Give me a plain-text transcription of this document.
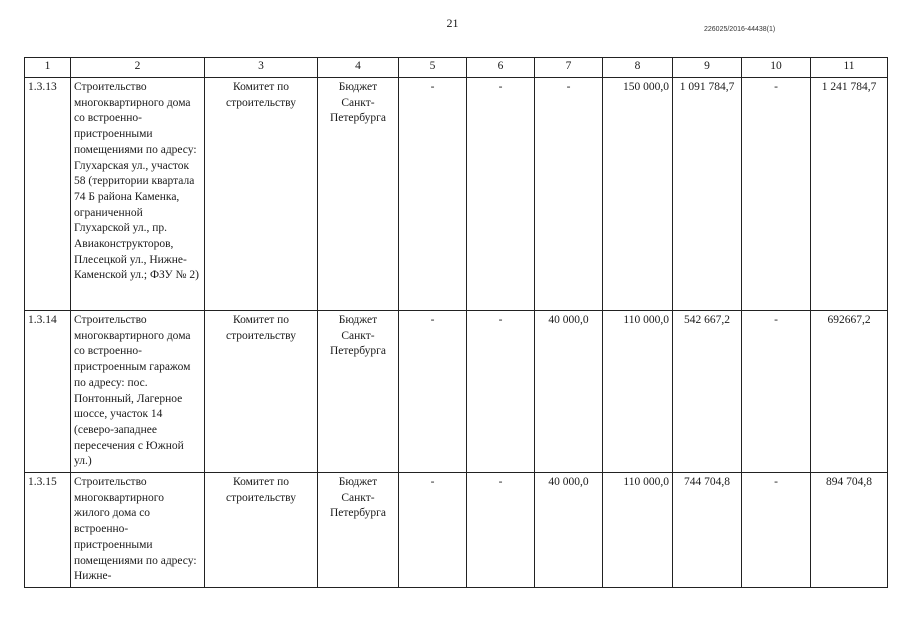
21	226025/2016-44438(1)
1	2	3	4	5	6	7	8	9	10	11
1.3.13	Строительство многоквартирного дома со встроенно-пристроенными помещениями по адресу: Глухарская ул., участок 58 (территории квартала 74 Б района Каменка, ограниченной Глухарской ул., пр. Авиаконструкторов, Плесецкой ул., Нижне-Каменской ул.; ФЗУ № 2)	Комитет по строительству	Бюджет Санкт-Петербурга	-	-	-	150 000,0	1 091 784,7	-	1 241 784,7
1.3.14	Строительство многоквартирного дома со встроенно-пристроенным гаражом по адресу: пос. Понтонный, Лагерное шоссе, участок 14 (северо-западнее пересечения с Южной ул.)	Комитет по строительству	Бюджет Санкт-Петербурга	-	-	40 000,0	110 000,0	542 667,2	-	692667,2
1.3.15	Строительство многоквартирного жилого дома со встроенно-пристроенными помещениями по адресу: Нижне-	Комитет по строительству	Бюджет Санкт-Петербурга	-	-	40 000,0	110 000,0	744 704,8	-	894 704,8
